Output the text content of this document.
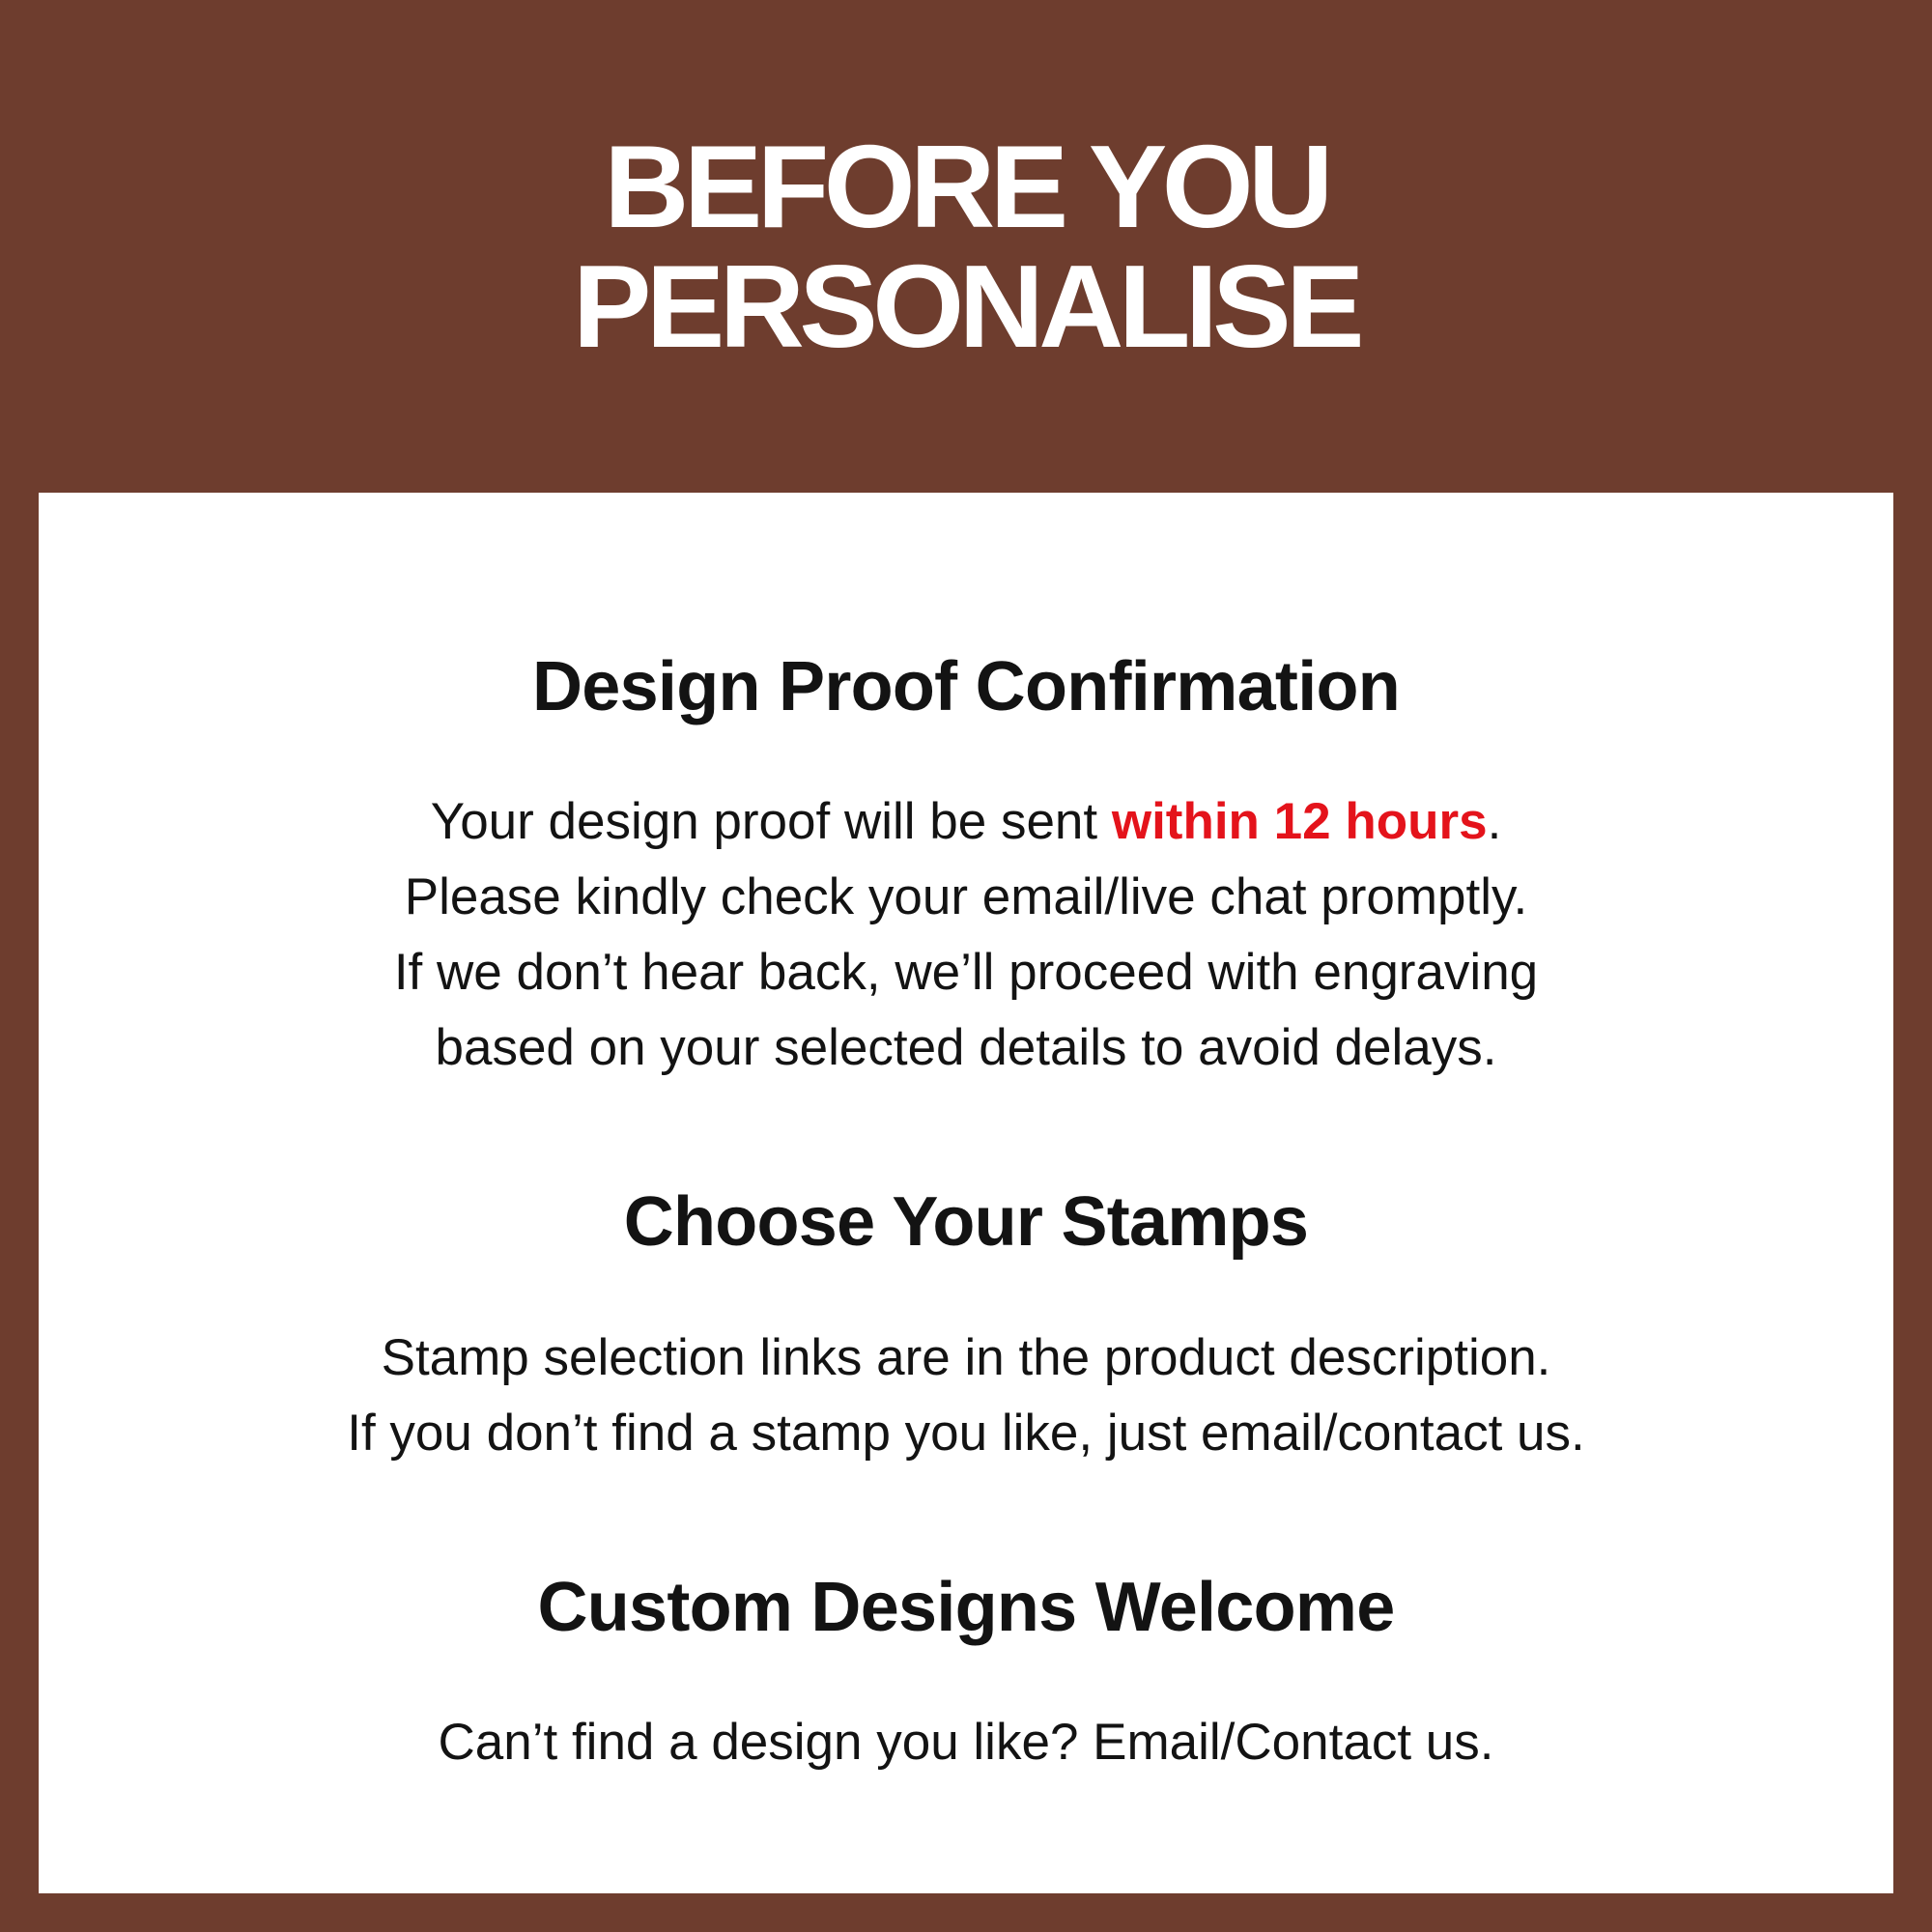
BEFORE YOU
PERSONALISE
Design Proof Confirmation
Your design proof will be sent within 12 hours.
Please kindly check your email/live chat promptly.
If we don’t hear back, we’ll proceed with engraving
based on your selected details to avoid delays.
Choose Your Stamps
Stamp selection links are in the product description.
If you don’t find a stamp you like, just email/contact us.
Custom Designs Welcome
Can’t find a design you like? Email/Contact us.
